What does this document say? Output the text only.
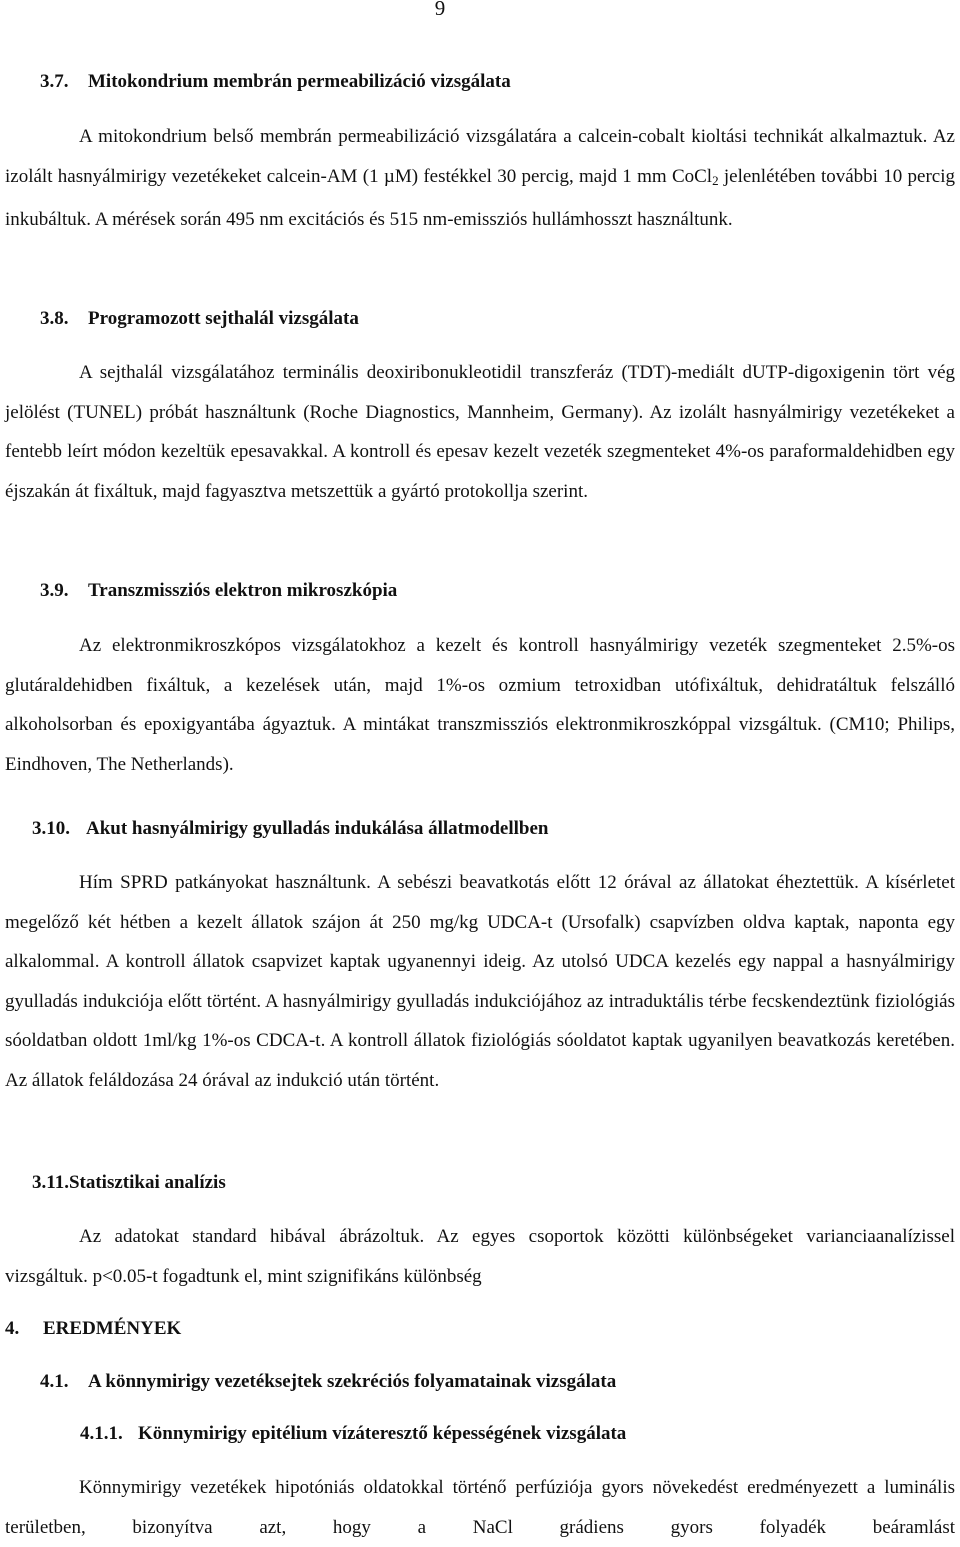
9
3.7. Mitokondrium membrán permeabilizáció vizsgálata

A mitokondrium belső membrán permeabilizáció vizsgálatára a calcein-cobalt kioltási technikát alkalmaztuk. Az izolált hasnyálmirigy vezetékeket calcein-AM (1 µM) festékkel 30 percig, majd 1 mm CoCl$_2$ jelenlétében további 10 percig inkubáltuk. A mérések során 495 nm excitációs és 515 nm-emissziós hullámhosszt használtunk.

3.8. Programozott sejthalál vizsgálata

A sejthalál vizsgálatához terminális deoxiribonukleotidil transzferáz (TDT)-mediált dUTP-digoxigenin tört vég jelölést (TUNEL) próbát használtunk (Roche Diagnostics, Mannheim, Germany). Az izolált hasnyálmirigy vezetékeket a fentebb leírt módon kezeltük epesavakkal. A kontroll és epesav kezelt vezeték szegmenteket 4%-os paraformaldehidben egy éjszakán át fixáltuk, majd fagyasztva metszettük a gyártó protokollja szerint.

3.9. Transzmissziós elektron mikroszkópia

Az elektronmikroszkópos vizsgálatokhoz a kezelt és kontroll hasnyálmirigy vezeték szegmenteket 2.5%-os glutáraldehidben fixáltuk, a kezelések után, majd 1%-os ozmium tetroxidban utófixáltuk, dehidratáltuk felszálló alkoholsorban és epoxigyantába ágyaztuk. A mintákat transzmissziós elektronmikroszkóppal vizsgáltuk. (CM10; Philips, Eindhoven, The Netherlands).

3.10. Akut hasnyálmirigy gyulladás indukálása állatmodellben

Hím SPRD patkányokat használtunk. A sebészi beavatkotás előtt 12 órával az állatokat éheztettük. A kísérletet megelőző két hétben a kezelt állatok szájon át 250 mg/kg UDCA-t (Ursofalk) csapvízben oldva kaptak, naponta egy alkalommal. A kontroll állatok csapvizet kaptak ugyanennyi ideig. Az utolsó UDCA kezelés egy nappal a hasnyálmirigy gyulladás indukciója előtt történt. A hasnyálmirigy gyulladás indukciójához az intraduktális térbe fecskendeztünk fiziológiás sóoldatban oldott 1ml/kg 1%-os CDCA-t. A kontroll állatok fiziológiás sóoldatot kaptak ugyanilyen beavatkozás keretében. Az állatok feláldozása 24 órával az indukció után történt.

3.11.Statisztikai analízis

Az adatokat standard hibával ábrázoltuk. Az egyes csoportok közötti különbségeket varianciaanalízissel vizsgáltuk. p<0.05-t fogadtunk el, mint szignifikáns különbség

4. EREDMÉNYEK
4.1. A könnymirigy vezetéksejtek szekréciós folyamatainak vizsgálata
4.1.1. Könnymirigy epitélium vízáteresztő képességének vizsgálata

Könnymirigy vezetékek hipotóniás oldatokkal történő perfúziója gyors növekedést eredményezett a luminális területben, bizonyítva azt, hogy a NaCl grádiens gyors folyadék beáramlást
